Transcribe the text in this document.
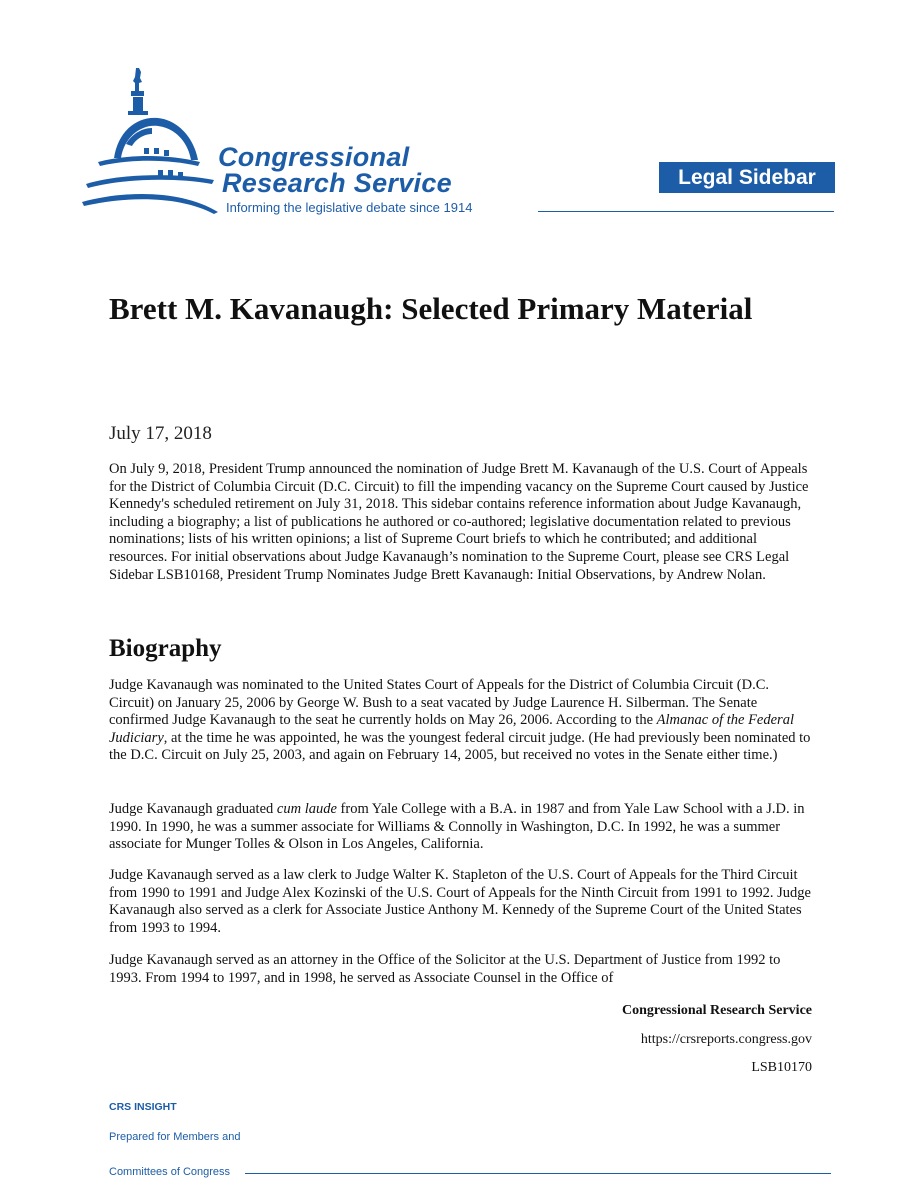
Congressional
Research Service
Informing the legislative debate since 1914
Legal Sidebar
Brett M. Kavanaugh: Selected Primary Material
July 17, 2018

On July 9, 2018, President Trump announced the nomination of Judge Brett M. Kavanaugh of the U.S. Court of Appeals for the District of Columbia Circuit (D.C. Circuit) to fill the impending vacancy on the Supreme Court caused by Justice Kennedy's scheduled retirement on July 31, 2018. This sidebar contains reference information about Judge Kavanaugh, including a biography; a list of publications he authored or co-authored; legislative documentation related to previous nominations; lists of his written opinions; a list of Supreme Court briefs to which he contributed; and additional resources. For initial observations about Judge Kavanaugh’s nomination to the Supreme Court, please see CRS Legal Sidebar LSB10168, President Trump Nominates Judge Brett Kavanaugh: Initial Observations, by Andrew Nolan.

Biography

Judge Kavanaugh was nominated to the United States Court of Appeals for the District of Columbia Circuit (D.C. Circuit) on January 25, 2006 by George W. Bush to a seat vacated by Judge Laurence H. Silberman. The Senate confirmed Judge Kavanaugh to the seat he currently holds on May 26, 2006. According to the Almanac of the Federal Judiciary, at the time he was appointed, he was the youngest federal circuit judge. (He had previously been nominated to the D.C. Circuit on July 25, 2003, and again on February 14, 2005, but received no votes in the Senate either time.)

Judge Kavanaugh graduated cum laude from Yale College with a B.A. in 1987 and from Yale Law School with a J.D. in 1990. In 1990, he was a summer associate for Williams & Connolly in Washington, D.C. In 1992, he was a summer associate for Munger Tolles & Olson in Los Angeles, California.

Judge Kavanaugh served as a law clerk to Judge Walter K. Stapleton of the U.S. Court of Appeals for the Third Circuit from 1990 to 1991 and Judge Alex Kozinski of the U.S. Court of Appeals for the Ninth Circuit from 1991 to 1992. Judge Kavanaugh also served as a clerk for Associate Justice Anthony M. Kennedy of the Supreme Court of the United States from 1993 to 1994.

Judge Kavanaugh served as an attorney in the Office of the Solicitor at the U.S. Department of Justice from 1992 to 1993. From 1994 to 1997, and in 1998, he served as Associate Counsel in the Office of

Congressional Research Service
https://crsreports.congress.gov
LSB10170
CRS INSIGHT
Prepared for Members and
Committees of Congress
